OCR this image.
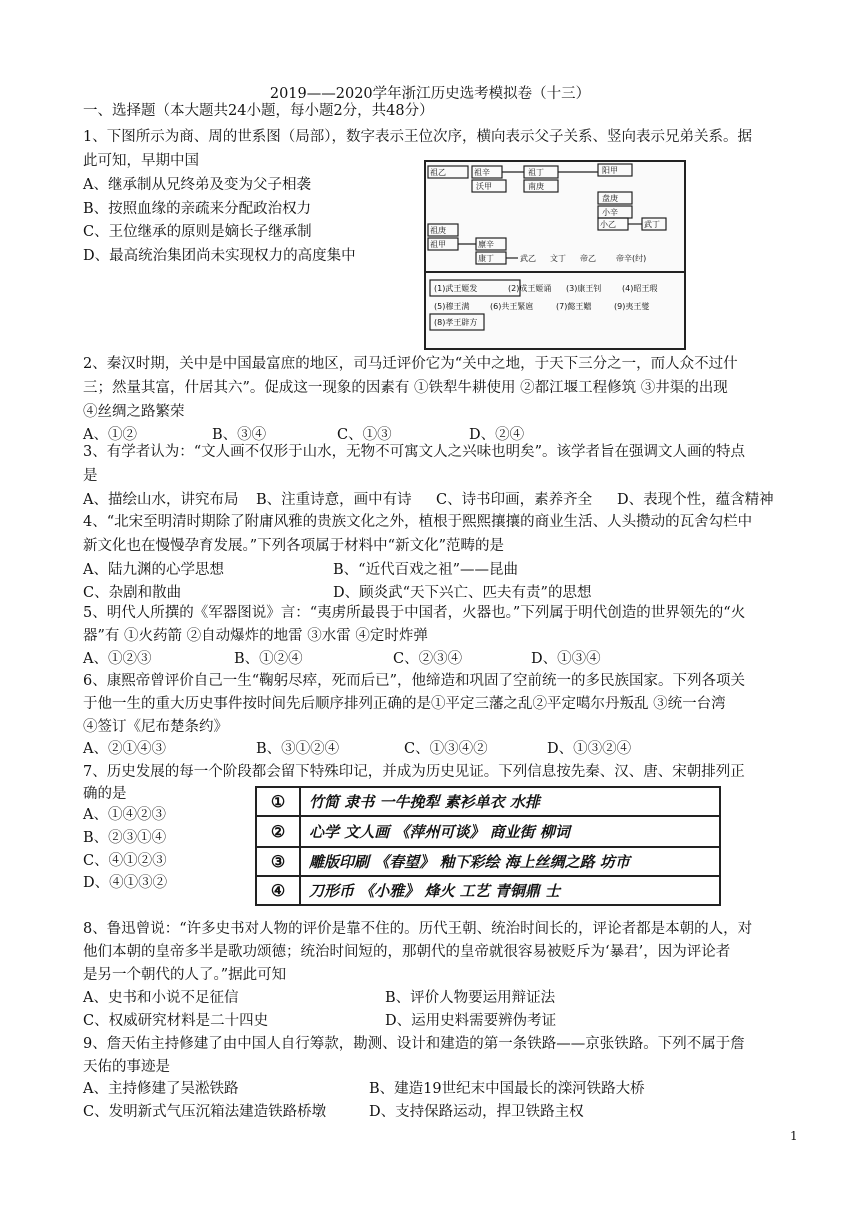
2019——2020学年浙江历史选考模拟卷（十三）
一、选择题（本大题共24小题，每小题2分，共48分）
1、下图所示为商、周的世系图（局部），数字表示王位次序，横向表示父子关系、竖向表示兄弟关系。据
此可知，早期中国
A、继承制从兄终弟及变为父子相袭
B、按照血缘的亲疏来分配政治权力
C、王位继承的原则是嫡长子继承制
D、最高统治集团尚未实现权力的高度集中
祖乙	祖辛	祖丁	阳甲
沃甲	南庚
盘庚
小辛
小乙	武丁
祖庚
祖甲	廪辛
康丁	武乙 文丁 帝乙	帝辛(纣)
(1)武王姬发	(2)成王姬诵 (3)康王钊	(4)昭王瑕
(5)穆王满	(6)共王緊扈	(7)懿王囏	(9)夷王燮
(8)孝王辟方
2、秦汉时期，关中是中国最富庶的地区，司马迁评价它为“关中之地，于天下三分之一，而人众不过什
三；然量其富，什居其六”。促成这一现象的因素有 ①铁犁牛耕使用 ②都江堰工程修筑 ③井渠的出现
④丝绸之路繁荣
A、①②	B、③④	C、①③	D、②④
3、有学者认为：“文人画不仅形于山水，无物不可寓文人之兴味也明矣”。该学者旨在强调文人画的特点
是
A、描绘山水，讲究布局 B、注重诗意，画中有诗 C、诗书印画，素养齐全 D、表现个性，蕴含精神
4、“北宋至明清时期除了附庸风雅的贵族文化之外，植根于熙熙攘攘的商业生活、人头攒动的瓦舍勾栏中
新文化也在慢慢孕育发展。”下列各项属于材料中“新文化”范畴的是
A、陆九渊的心学思想	B、“近代百戏之祖”——昆曲
C、杂剧和散曲	D、顾炎武“天下兴亡、匹夫有责”的思想
5、明代人所撰的《军器图说》言：“夷虏所最畏于中国者，火器也。”下列属于明代创造的世界领先的“火
器”有 ①火药箭 ②自动爆炸的地雷 ③水雷 ④定时炸弹
A、①②③	B、①②④	C、②③④	D、①③④
6、康熙帝曾评价自己一生“鞠躬尽瘁，死而后已”，他缔造和巩固了空前统一的多民族国家。下列各项关
于他一生的重大历史事件按时间先后顺序排列正确的是①平定三藩之乱②平定噶尔丹叛乱 ③统一台湾
④签订《尼布楚条约》
A、②①④③	B、③①②④	C、①③④②	D、①③②④
7、历史发展的每一个阶段都会留下特殊印记，并成为历史见证。下列信息按先秦、汉、唐、宋朝排列正
确的是
A、①④②③
B、②③①④
C、④①②③
D、④①③②
①	竹简 隶书 一牛挽犁 素衫单衣 水排
②	心学 文人画 《萍州可谈》 商业街 柳词
③	雕版印刷 《春望》 釉下彩绘 海上丝绸之路 坊市
④	刀形币 《小雅》 烽火 工艺 青铜鼎 士
8、鲁迅曾说：“许多史书对人物的评价是靠不住的。历代王朝、统治时间长的，评论者都是本朝的人，对
他们本朝的皇帝多半是歌功颂德；统治时间短的，那朝代的皇帝就很容易被贬斥为‘暴君’，因为评论者
是另一个朝代的人了。”据此可知
A、史书和小说不足征信	B、评价人物要运用辩证法
C、权威研究材料是二十四史	D、运用史料需要辨伪考证
9、詹天佑主持修建了由中国人自行筹款，勘测、设计和建造的第一条铁路——京张铁路。下列不属于詹
天佑的事迹是
A、主持修建了吴淞铁路	B、建造19世纪末中国最长的滦河铁路大桥
C、发明新式气压沉箱法建造铁路桥墩	D、支持保路运动，捍卫铁路主权
1
